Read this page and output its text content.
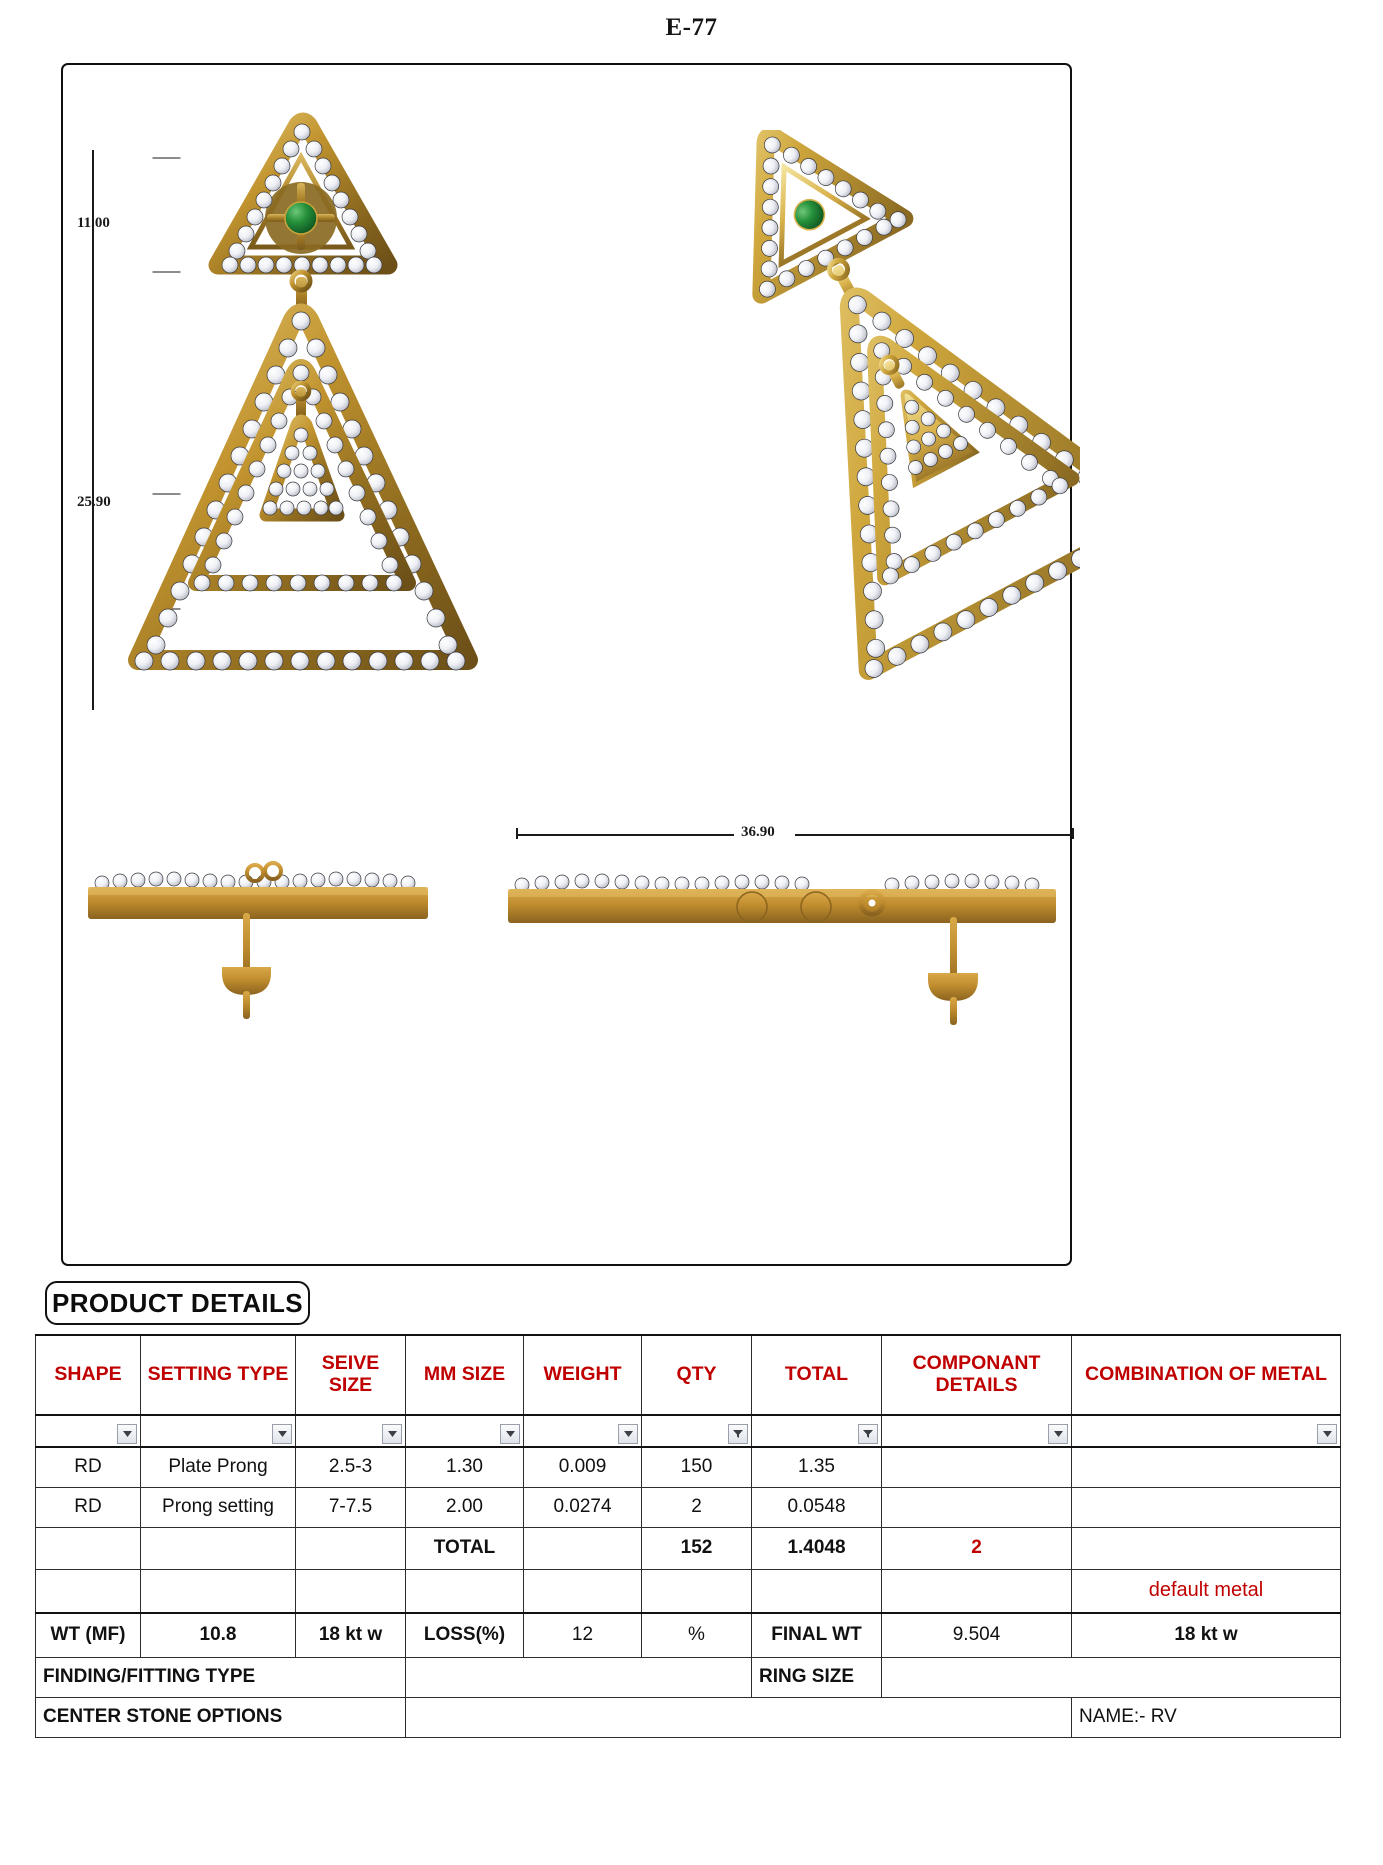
E-77
11.00
25.90
36.90
PRODUCT DETAILS
SHAPE	SETTING TYPE	SEIVE SIZE	MM SIZE	WEIGHT	QTY	TOTAL	COMPONANT DETAILS	COMBINATION OF METAL

RD	Plate Prong	2.5-3	1.30	0.009	150	1.35		
RD	Prong setting	7-7.5	2.00	0.0274	2	0.0548		
			TOTAL		152	1.4048	2	
								default metal
WT (MF)	10.8	18 kt w	LOSS(%)	12	%	FINAL WT	9.504	18 kt w
FINDING/FITTING TYPE						RING SIZE		
CENTER STONE OPTIONS								NAME:- RV
